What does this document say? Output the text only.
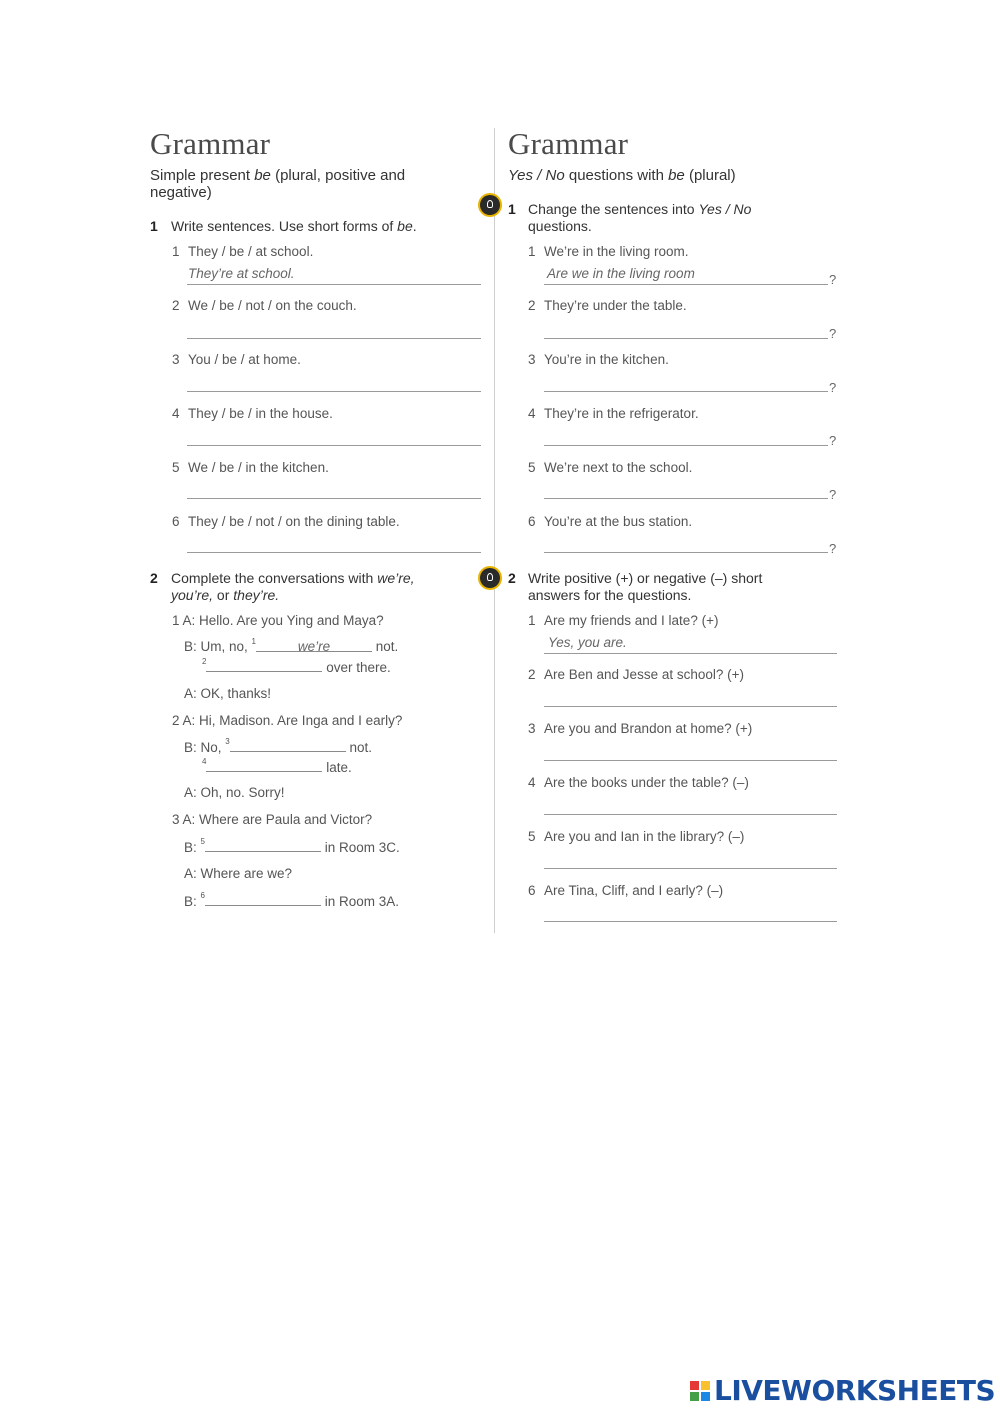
Grammar
Simple present be (plural, positive and
negative)
1 Write sentences. Use short forms of be.
1 They / be / at school.
They’re at school.
2 We / be / not / on the couch.
3 You / be / at home.
4 They / be / in the house.
5 We / be / in the kitchen.
6 They / be / not / on the dining table.
2 Complete the conversations with we’re,
you’re, or they’re.
1 A: Hello. Are you Ying and Maya?
B: Um, no, $^1$	we’re	not.
$^2$	over there.
A: OK, thanks!
2 A: Hi, Madison. Are Inga and I early?
B: No, $^3$	not.
$^4$	late.
A: Oh, no. Sorry!
3 A: Where are Paula and Victor?
B: $^5$	in Room 3C.
A: Where are we?
B: $^6$	in Room 3A.
Grammar
Yes / No questions with be (plural)
1 Change the sentences into Yes / No
questions.
1 We’re in the living room.
Are we in the living room	?
2 They’re under the table.
?
3 You’re in the kitchen.
?
4 They’re in the refrigerator.
?
5 We’re next to the school.
?
6 You’re at the bus station.
?
2 Write positive (+) or negative (–) short
answers for the questions.
1 Are my friends and I late? (+)
Yes, you are.
2 Are Ben and Jesse at school? (+)
3 Are you and Brandon at home? (+)
4 Are the books under the table? (–)
5 Are you and Ian in the library? (–)
6 Are Tina, Cliff, and I early? (–)
LIVEWORKSHEETS
